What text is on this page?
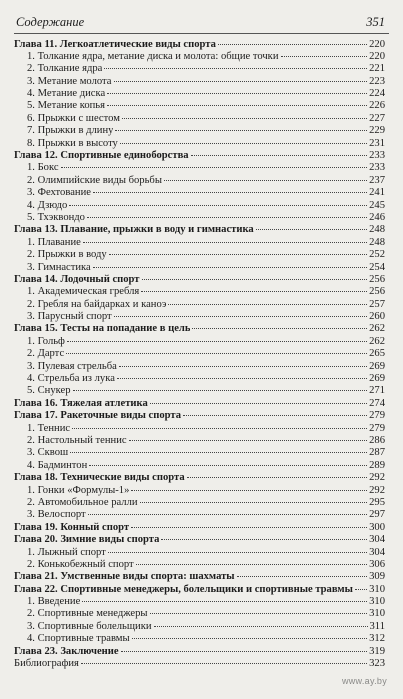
Содержание	351
Глава 11. Легкоатлетические виды спорта	220
1. Толкание ядра, метание диска и молота: общие точки	220
2. Толкание ядра	221
3. Метание молота	223
4. Метание диска	224
5. Метание копья	226
6. Прыжки с шестом	227
7. Прыжки в длину	229
8. Прыжки в высоту	231
Глава 12. Спортивные единоборства	233
1. Бокс	233
2. Олимпийские виды борьбы	237
3. Фехтование	241
4. Дзюдо	245
5. Тхэквондо	246
Глава 13. Плавание, прыжки в воду и гимнастика	248
1. Плавание	248
2. Прыжки в воду	252
3. Гимнастика	254
Глава 14. Лодочный спорт	256
1. Академическая гребля	256
2. Гребля на байдарках и каноэ	257
3. Парусный спорт	260
Глава 15. Тесты на попадание в цель	262
1. Гольф	262
2. Дартс	265
3. Пулевая стрельба	269
4. Стрельба из лука	269
5. Снукер	271
Глава 16. Тяжелая атлетика	274
Глава 17. Ракеточные виды спорта	279
1. Теннис	279
2. Настольный теннис	286
3. Сквош	287
4. Бадминтон	289
Глава 18. Технические виды спорта	292
1. Гонки «Формулы-1»	292
2. Автомобильное ралли	295
3. Велоспорт	297
Глава 19. Конный спорт	300
Глава 20. Зимние виды спорта	304
1. Лыжный спорт	304
2. Конькобежный спорт	306
Глава 21. Умственные виды спорта: шахматы	309
Глава 22. Спортивные менеджеры, болельщики и спортивные травмы 310
1. Введение	310
2. Спортивные менеджеры	310
3. Спортивные болельщики	311
4. Спортивные травмы	312
Глава 23. Заключение	319
Библиография	323
www.ay.by
